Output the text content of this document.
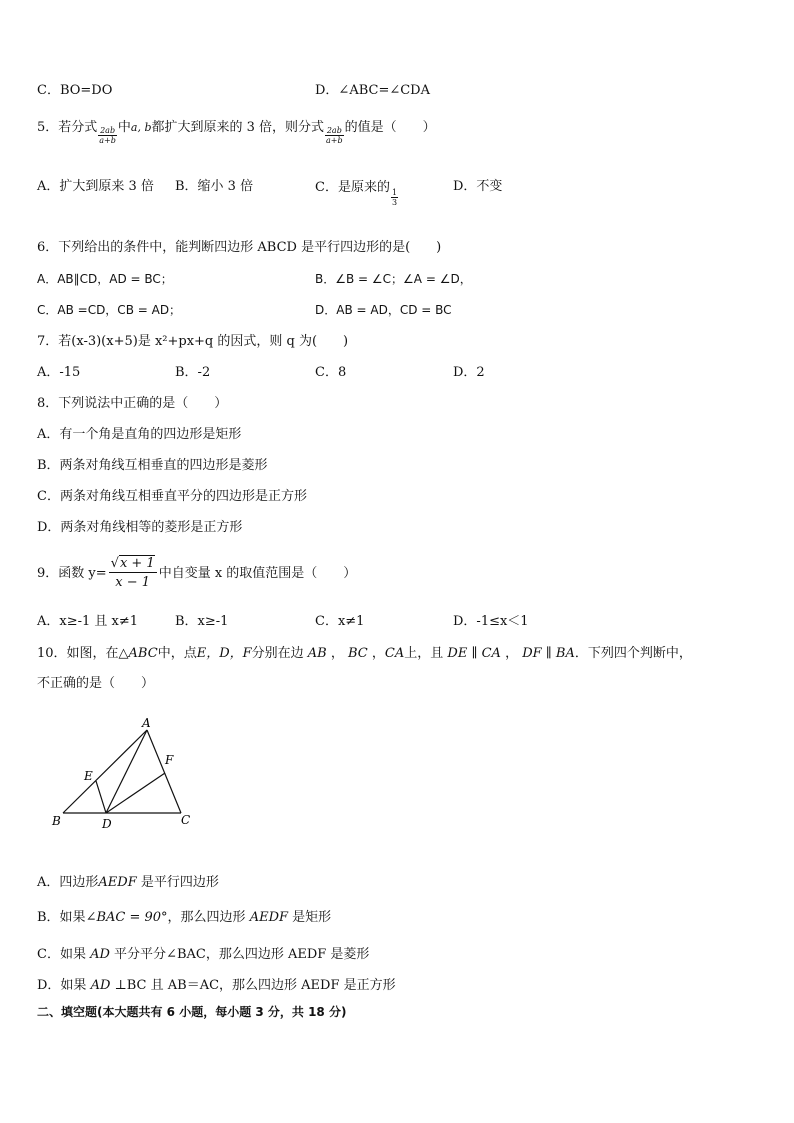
C．BO=DO	D．∠ABC=∠CDA
5．若分式 $\frac{2ab}{a+b}$ 中a, b都扩大到原来的 3 倍，则分式 $\frac{2ab}{a+b}$ 的值是（　　）
A．扩大到原来 3 倍 B．缩小 3 倍	C．是原来的
$\frac{1}{3}$
D．不变
6．下列给出的条件中，能判断四边形 ABCD 是平行四边形的是(　　)
A．AB∥CD，AD = BC；	B．∠B = ∠C；∠A = ∠D，
C．AB =CD，CB = AD；	D．AB = AD，CD = BC
7．若(x-3)(x+5)是 x²+px+q 的因式，则 q 为(　　)
A．-15	B．-2	C．8	D．2
8．下列说法中正确的是（　　）
A．有一个角是直角的四边形是矩形
B．两条对角线互相垂直的四边形是菱形
C．两条对角线互相垂直平分的四边形是正方形
D．两条对角线相等的菱形是正方形
9．函数 $y= \frac{√x + 1}{x - 1}$ 中自变量 x 的取值范围是（　　）
A．x≥-1 且 x≠1	B．x≥-1	C．x≠1	D．-1≤x＜1
10．如图，在△ABC中，点E，D，F分别在边 AB ， BC ，CA上，且 DE ∥ CA ， DF ∥ BA．下列四个判断中，
不正确的是（　　）
A
B	C
D
E
F
A．四边形AEDF 是平行四边形
B．如果∠BAC = 90°，那么四边形 AEDF 是矩形
C．如果 AD 平分平分∠BAC，那么四边形 AEDF 是菱形
D．如果 AD ⊥BC 且 AB＝AC，那么四边形 AEDF 是正方形
二、填空题(本大题共有 6 小题，每小题 3 分，共 18 分)
